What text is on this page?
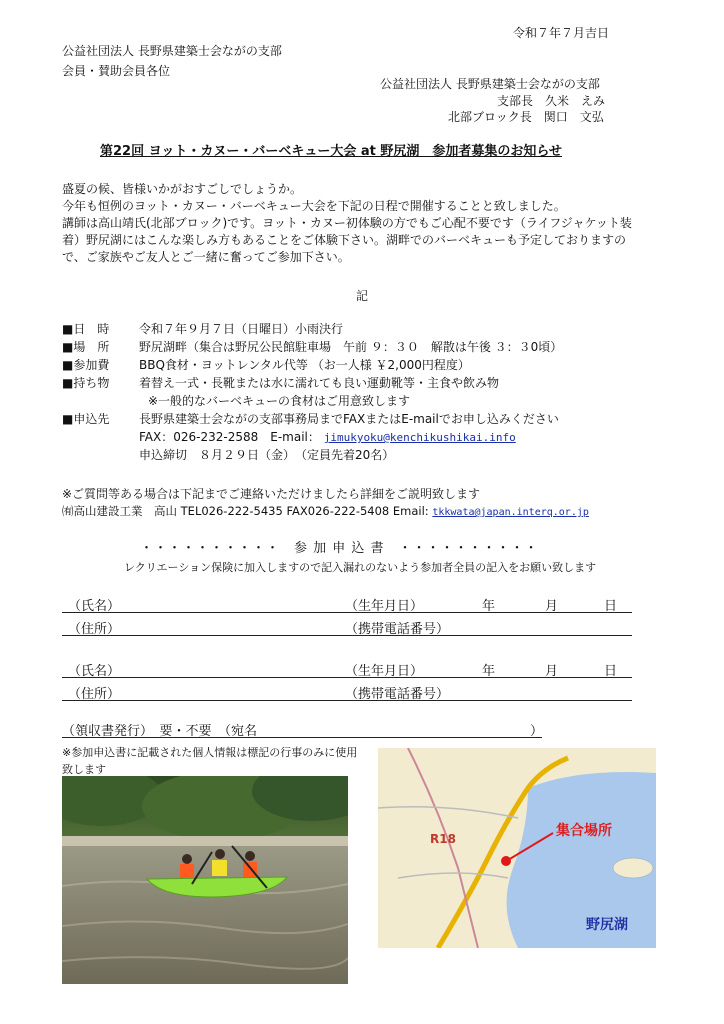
令和７年７月吉日
公益社団法人 長野県建築士会ながの支部
会員・賛助会員各位
公益社団法人 長野県建築士会ながの支部
支部長　久米　えみ
北部ブロック長　関口　文弘
第22回 ヨット・カヌー・バーベキュー大会 at 野尻湖　参加者募集のお知らせ
盛夏の候、皆様いかがおすごしでしょうか。
今年も恒例のヨット・カヌー・バーベキュー大会を下記の日程で開催することと致しました。
講師は高山靖氏(北部ブロック)です。ヨット・カヌー初体験の方でもご心配不要です（ライフジャケット装
着）野尻湖にはこんな楽しみ方もあることをご体験下さい。湖畔でのバーベキューも予定しておりますの
で、ご家族やご友人とご一緒に奮ってご参加下さい。
記
■日　時 令和７年９月７日（日曜日）小雨決行
■場　所 野尻湖畔（集合は野尻公民館駐車場　午前 ９：３０　解散は午後 ３：３0頃）
■参加費 BBQ食材・ヨットレンタル代等 （お一人様 ￥2,000円程度）
■持ち物 着替え一式・長靴または水に濡れても良い運動靴等・主食や飲み物
※一般的なバーベキューの食材はご用意致します
■申込先 長野県建築士会ながの支部事務局までFAXまたはE-mailでお申し込みください
FAX：026-232-2588　E-mail： jimukyoku@kenchikushikai.info
申込締切　８月２９日（金）　（定員先着20名）
※ご質問等ある場合は下記までご連絡いただけましたら詳細をご説明致します
㈲高山建設工業　高山 TEL026-222-5435 FAX026-222-5408 Email: tkkwata@japan.interq.or.jp
・・・・・・・・・・　参 加 申 込 書　・・・・・・・・・・
レクリエーション保険に加入しますので記入漏れのないよう参加者全員の記入をお願い致します
（氏名）	（生年月日）	年	月	日
（住所）	（携帯電話番号）
（氏名）	（生年月日）	年	月	日
（住所）	（携帯電話番号）
（領収書発行）　要・不要　（宛名	）
※参加申込書に記載された個人情報は標記の行事のみに使用
致します
集合場所
野尻湖
R18
